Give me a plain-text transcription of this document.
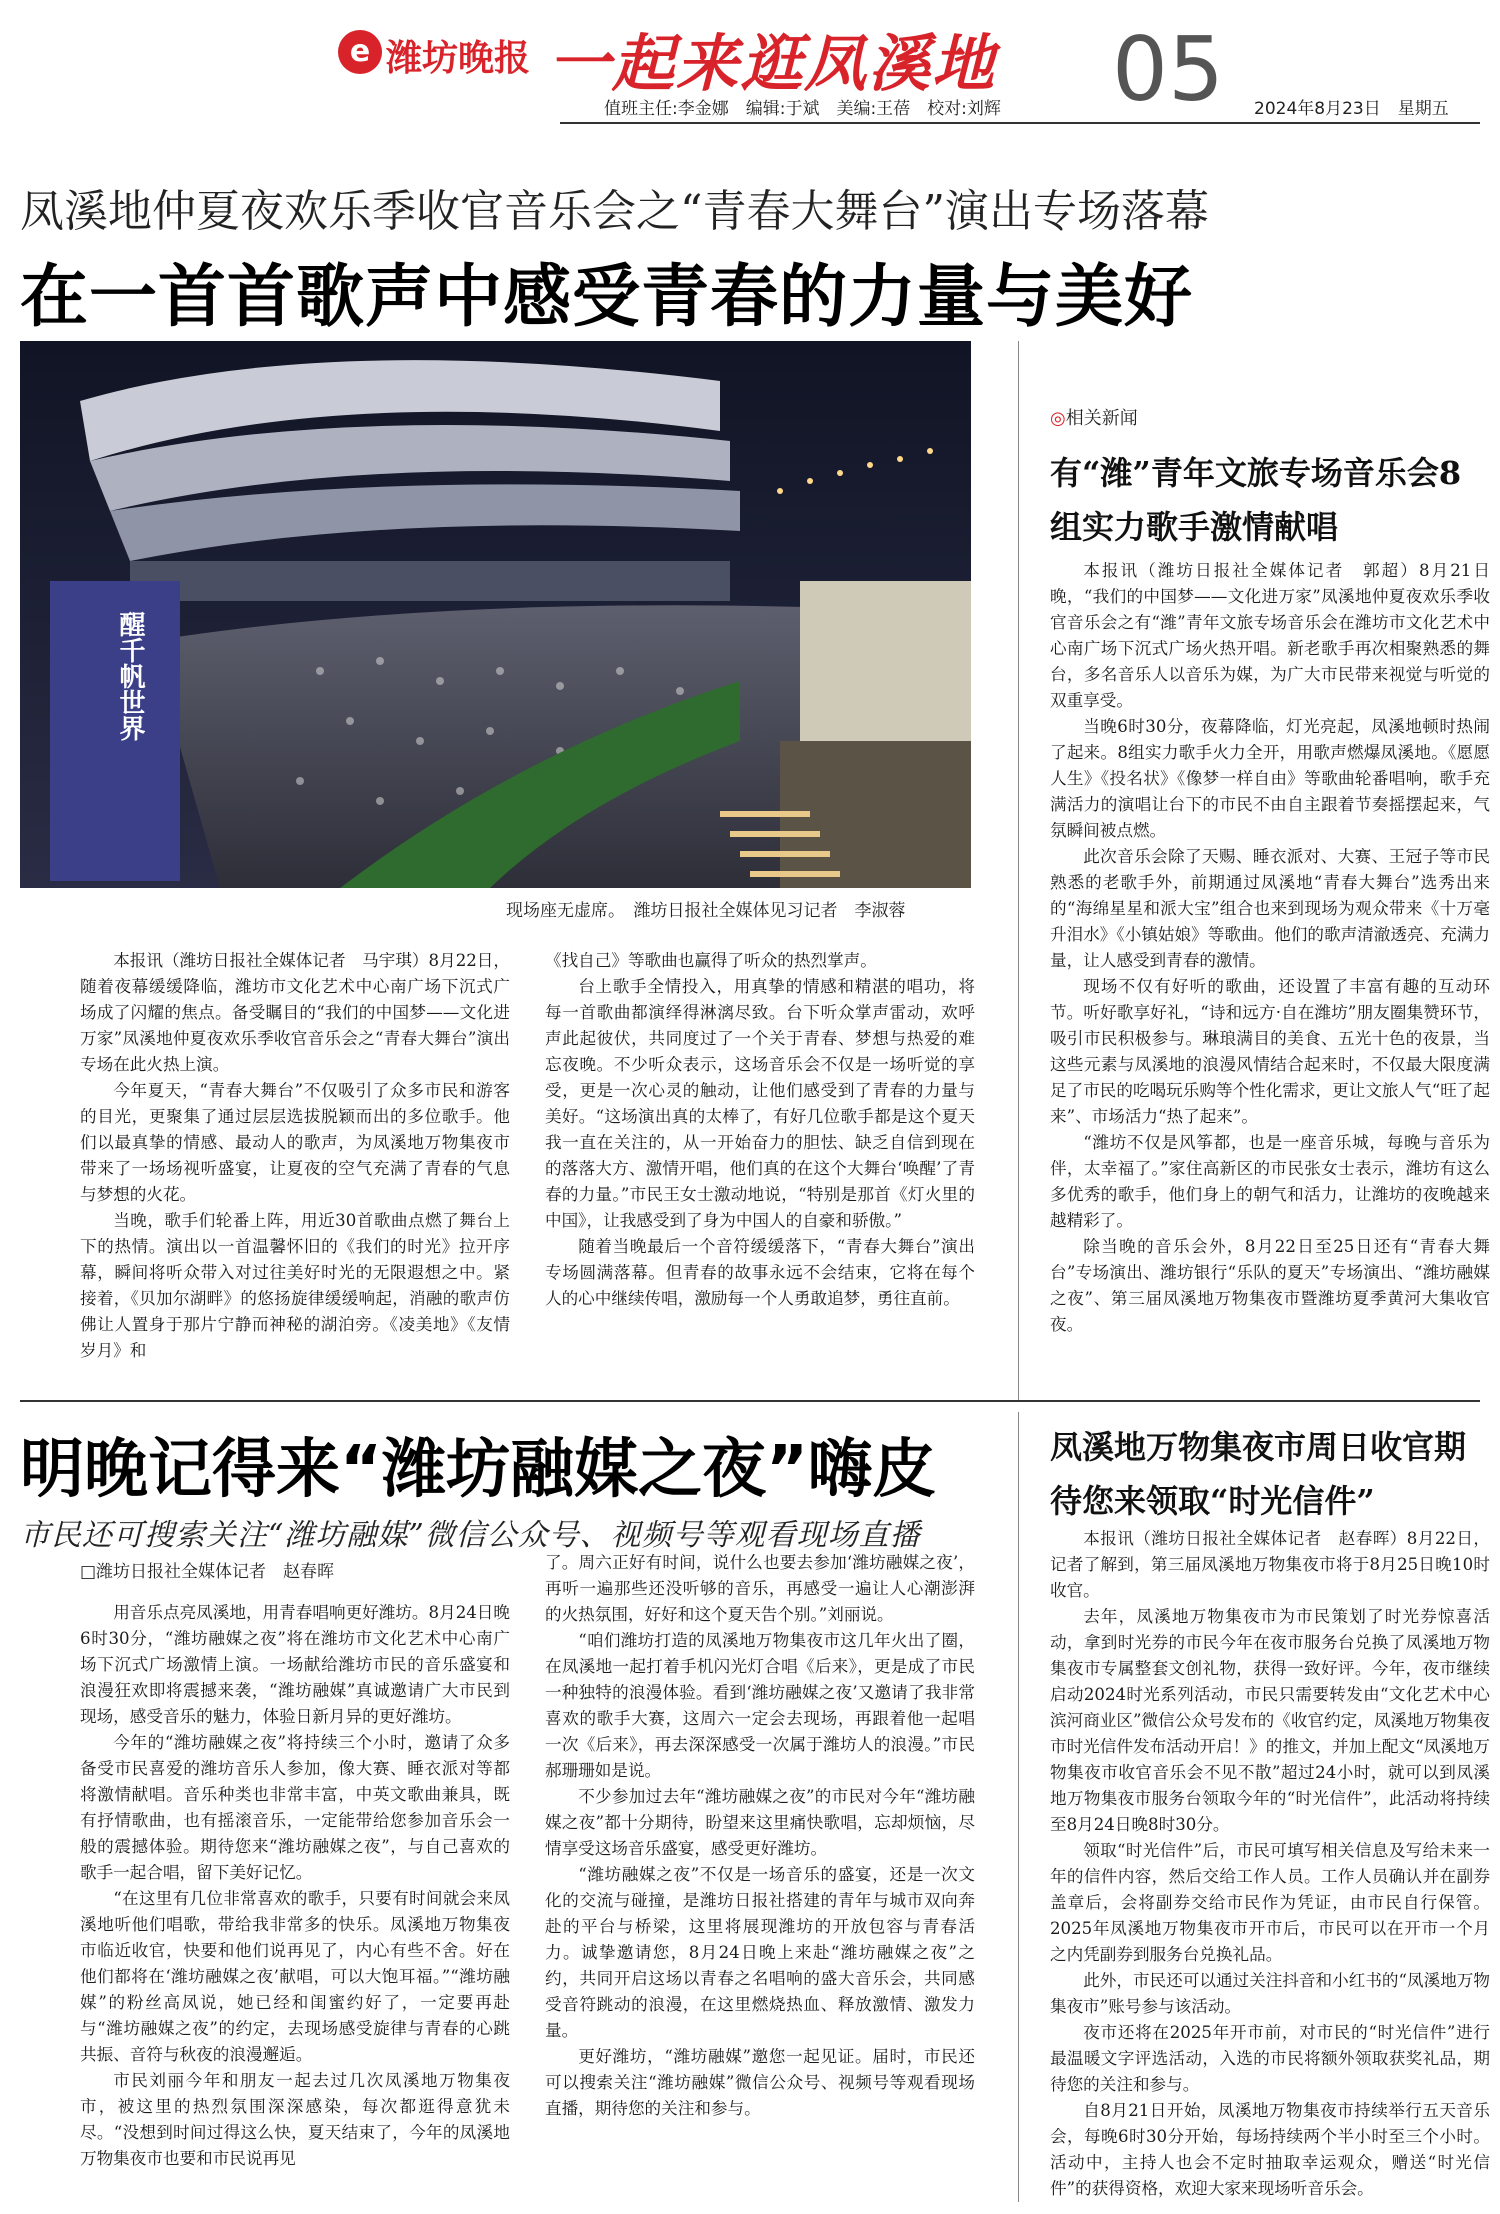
e 潍坊晚报 一起来逛凤溪地 05
值班主任:李金娜　编辑:于斌　美编:王蓓　校对:刘辉	2024年8月23日　星期五
凤溪地仲夏夜欢乐季收官音乐会之“青春大舞台”演出专场落幕
在一首首歌声中感受青春的力量与美好
醒千帆世界
现场座无虚席。　潍坊日报社全媒体见习记者　李淑蓉

本报讯（潍坊日报社全媒体记者　马宇琪）8月22日，随着夜幕缓缓降临，潍坊市文化艺术中心南广场下沉式广场成了闪耀的焦点。备受瞩目的“我们的中国梦——文化进万家”凤溪地仲夏夜欢乐季收官音乐会之“青春大舞台”演出专场在此火热上演。

今年夏天，“青春大舞台”不仅吸引了众多市民和游客的目光，更聚集了通过层层选拔脱颖而出的多位歌手。他们以最真挚的情感、最动人的歌声，为凤溪地万物集夜市带来了一场场视听盛宴，让夏夜的空气充满了青春的气息与梦想的火花。

当晚，歌手们轮番上阵，用近30首歌曲点燃了舞台上下的热情。演出以一首温馨怀旧的《我们的时光》拉开序幕，瞬间将听众带入对过往美好时光的无限遐想之中。紧接着，《贝加尔湖畔》的悠扬旋律缓缓响起，消融的歌声仿佛让人置身于那片宁静而神秘的湖泊旁。《凌美地》《友情岁月》和

《找自己》等歌曲也赢得了听众的热烈掌声。

台上歌手全情投入，用真挚的情感和精湛的唱功，将每一首歌曲都演绎得淋漓尽致。台下听众掌声雷动，欢呼声此起彼伏，共同度过了一个关于青春、梦想与热爱的难忘夜晚。不少听众表示，这场音乐会不仅是一场听觉的享受，更是一次心灵的触动，让他们感受到了青春的力量与美好。“这场演出真的太棒了，有好几位歌手都是这个夏天我一直在关注的，从一开始奋力的胆怯、缺乏自信到现在的落落大方、激情开唱，他们真的在这个大舞台‘唤醒’了青春的力量。”市民王女士激动地说，“特别是那首《灯火里的中国》，让我感受到了身为中国人的自豪和骄傲。”

随着当晚最后一个音符缓缓落下，“青春大舞台”演出专场圆满落幕。但青春的故事永远不会结束，它将在每个人的心中继续传唱，激励每一个人勇敢追梦，勇往直前。

◎相关新闻
有“潍”青年文旅专场音乐会8组实力歌手激情献唱

本报讯（潍坊日报社全媒体记者　郭超）8月21日晚，“我们的中国梦——文化进万家”凤溪地仲夏夜欢乐季收官音乐会之有“潍”青年文旅专场音乐会在潍坊市文化艺术中心南广场下沉式广场火热开唱。新老歌手再次相聚熟悉的舞台，多名音乐人以音乐为媒，为广大市民带来视觉与听觉的双重享受。

当晚6时30分，夜幕降临，灯光亮起，凤溪地顿时热闹了起来。8组实力歌手火力全开，用歌声燃爆凤溪地。《愿愿人生》《投名状》《像梦一样自由》等歌曲轮番唱响，歌手充满活力的演唱让台下的市民不由自主跟着节奏摇摆起来，气氛瞬间被点燃。

此次音乐会除了天赐、睡衣派对、大赛、王冠子等市民熟悉的老歌手外，前期通过凤溪地“青春大舞台”选秀出来的“海绵星星和派大宝”组合也来到现场为观众带来《十万毫升泪水》《小镇姑娘》等歌曲。他们的歌声清澈透亮、充满力量，让人感受到青春的激情。

现场不仅有好听的歌曲，还设置了丰富有趣的互动环节。听好歌享好礼，“诗和远方·自在潍坊”朋友圈集赞环节，吸引市民积极参与。琳琅满目的美食、五光十色的夜景，当这些元素与凤溪地的浪漫风情结合起来时，不仅最大限度满足了市民的吃喝玩乐购等个性化需求，更让文旅人气“旺了起来”、市场活力“热了起来”。

“潍坊不仅是风筝都，也是一座音乐城，每晚与音乐为伴，太幸福了。”家住高新区的市民张女士表示，潍坊有这么多优秀的歌手，他们身上的朝气和活力，让潍坊的夜晚越来越精彩了。

除当晚的音乐会外，8月22日至25日还有“青春大舞台”专场演出、潍坊银行“乐队的夏天”专场演出、“潍坊融媒之夜”、第三届凤溪地万物集夜市暨潍坊夏季黄河大集收官夜。

明晚记得来“潍坊融媒之夜”嗨皮
市民还可搜索关注“潍坊融媒”微信公众号、视频号等观看现场直播
□潍坊日报社全媒体记者　赵春晖

用音乐点亮凤溪地，用青春唱响更好潍坊。8月24日晚6时30分，“潍坊融媒之夜”将在潍坊市文化艺术中心南广场下沉式广场激情上演。一场献给潍坊市民的音乐盛宴和浪漫狂欢即将震撼来袭，“潍坊融媒”真诚邀请广大市民到现场，感受音乐的魅力，体验日新月异的更好潍坊。

今年的“潍坊融媒之夜”将持续三个小时，邀请了众多备受市民喜爱的潍坊音乐人参加，像大赛、睡衣派对等都将激情献唱。音乐种类也非常丰富，中英文歌曲兼具，既有抒情歌曲，也有摇滚音乐，一定能带给您参加音乐会一般的震撼体验。期待您来“潍坊融媒之夜”，与自己喜欢的歌手一起合唱，留下美好记忆。

“在这里有几位非常喜欢的歌手，只要有时间就会来凤溪地听他们唱歌，带给我非常多的快乐。凤溪地万物集夜市临近收官，快要和他们说再见了，内心有些不舍。好在他们都将在‘潍坊融媒之夜’献唱，可以大饱耳福。”“潍坊融媒”的粉丝高凤说，她已经和闺蜜约好了，一定要再赴与“潍坊融媒之夜”的约定，去现场感受旋律与青春的心跳共振、音符与秋夜的浪漫邂逅。

市民刘丽今年和朋友一起去过几次凤溪地万物集夜市，被这里的热烈氛围深深感染，每次都逛得意犹未尽。“没想到时间过得这么快，夏天结束了，今年的凤溪地万物集夜市也要和市民说再见

了。周六正好有时间，说什么也要去参加‘潍坊融媒之夜’，再听一遍那些还没听够的音乐，再感受一遍让人心潮澎湃的火热氛围，好好和这个夏天告个别。”刘丽说。

“咱们潍坊打造的凤溪地万物集夜市这几年火出了圈，在凤溪地一起打着手机闪光灯合唱《后来》，更是成了市民一种独特的浪漫体验。看到‘潍坊融媒之夜’又邀请了我非常喜欢的歌手大赛，这周六一定会去现场，再跟着他一起唱一次《后来》，再去深深感受一次属于潍坊人的浪漫。”市民郝珊珊如是说。

不少参加过去年“潍坊融媒之夜”的市民对今年“潍坊融媒之夜”都十分期待，盼望来这里痛快歌唱，忘却烦恼，尽情享受这场音乐盛宴，感受更好潍坊。

“潍坊融媒之夜”不仅是一场音乐的盛宴，还是一次文化的交流与碰撞，是潍坊日报社搭建的青年与城市双向奔赴的平台与桥梁，这里将展现潍坊的开放包容与青春活力。诚挚邀请您，8月24日晚上来赴“潍坊融媒之夜”之约，共同开启这场以青春之名唱响的盛大音乐会，共同感受音符跳动的浪漫，在这里燃烧热血、释放激情、激发力量。

更好潍坊，“潍坊融媒”邀您一起见证。届时，市民还可以搜索关注“潍坊融媒”微信公众号、视频号等观看现场直播，期待您的关注和参与。

凤溪地万物集夜市周日收官期待您来领取“时光信件”

本报讯（潍坊日报社全媒体记者　赵春晖）8月22日，记者了解到，第三届凤溪地万物集夜市将于8月25日晚10时收官。

去年，凤溪地万物集夜市为市民策划了时光券惊喜活动，拿到时光券的市民今年在夜市服务台兑换了凤溪地万物集夜市专属整套文创礼物，获得一致好评。今年，夜市继续启动2024时光系列活动，市民只需要转发由“文化艺术中心滨河商业区”微信公众号发布的《收官约定，凤溪地万物集夜市时光信件发布活动开启！》的推文，并加上配文“凤溪地万物集夜市收官音乐会不见不散”超过24小时，就可以到凤溪地万物集夜市服务台领取今年的“时光信件”，此活动将持续至8月24日晚8时30分。

领取“时光信件”后，市民可填写相关信息及写给未来一年的信件内容，然后交给工作人员。工作人员确认并在副券盖章后，会将副券交给市民作为凭证，由市民自行保管。2025年凤溪地万物集夜市开市后，市民可以在开市一个月之内凭副券到服务台兑换礼品。

此外，市民还可以通过关注抖音和小红书的“凤溪地万物集夜市”账号参与该活动。

夜市还将在2025年开市前，对市民的“时光信件”进行最温暖文字评选活动，入选的市民将额外领取获奖礼品，期待您的关注和参与。

自8月21日开始，凤溪地万物集夜市持续举行五天音乐会，每晚6时30分开始，每场持续两个半小时至三个小时。活动中，主持人也会不定时抽取幸运观众，赠送“时光信件”的获得资格，欢迎大家来现场听音乐会。
